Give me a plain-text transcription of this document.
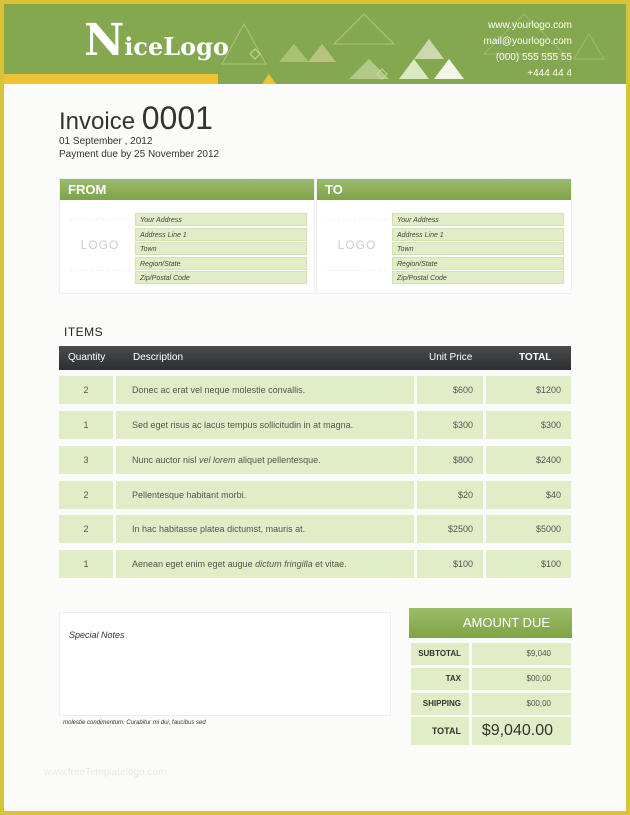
NiceLogo
www.yourlogo.com
mail@yourlogo.com
(000) 555 555 55
+444 44 4
Invoice 0001
01 September , 2012
Payment due by 25 November 2012
FROM
LOGO
Your Address
Address Line 1
Town
Region/State
Zip/Postal Code
TO
LOGO
Your Address
Address Line 1
Town
Region/State
Zip/Postal Code
ITEMS
Quantity	Description	Unit Price	TOTAL
2	Donec ac erat vel neque molestie convallis.	$600	$1200
1	Sed eget risus ac lacus tempus sollicitudin in at magna.	$300	$300
3	Nunc auctor nisl vel lorem aliquet pellentesque.	$800	$2400
2	Pellentesque habitant morbi.	$20	$40
2	In hac habitasse platea dictumst, mauris at.	$2500	$5000
1	Aenean eget enim eget augue dictum fringilla et vitae.	$100	$100
Special Notes
molestie condimentum. Curabitur mi dui, faucibus sed
AMOUNT DUE
SUBTOTAL	$9,040
TAX	$00,00
SHIPPING	$00,00
TOTAL	$9,040.00
www.freeTemplatelogo.com
